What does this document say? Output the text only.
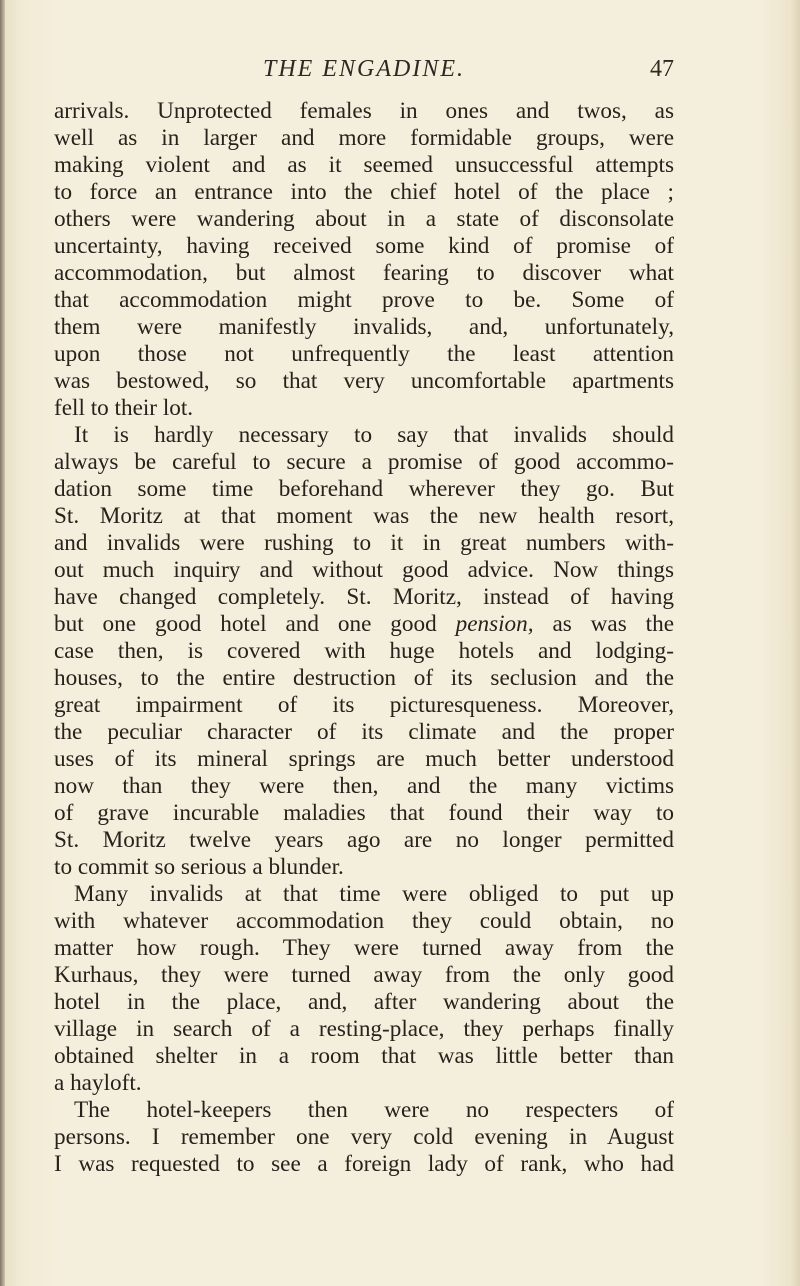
THE ENGADINE.	47
arrivals. Unprotected females in ones and twos, as
well as in larger and more formidable groups, were
making violent and as it seemed unsuccessful attempts
to force an entrance into the chief hotel of the place ;
others were wandering about in a state of disconsolate
uncertainty, having received some kind of promise of
accommodation, but almost fearing to discover what
that accommodation might prove to be. Some of
them were manifestly invalids, and, unfortunately,
upon those not unfrequently the least attention
was bestowed, so that very uncomfortable apartments
fell to their lot.
It is hardly necessary to say that invalids should
always be careful to secure a promise of good accommo-
dation some time beforehand wherever they go. But
St. Moritz at that moment was the new health resort,
and invalids were rushing to it in great numbers with-
out much inquiry and without good advice. Now things
have changed completely. St. Moritz, instead of having
but one good hotel and one good pension, as was the
case then, is covered with huge hotels and lodging-
houses, to the entire destruction of its seclusion and the
great impairment of its picturesqueness. Moreover,
the peculiar character of its climate and the proper
uses of its mineral springs are much better understood
now than they were then, and the many victims
of grave incurable maladies that found their way to
St. Moritz twelve years ago are no longer permitted
to commit so serious a blunder.
Many invalids at that time were obliged to put up
with whatever accommodation they could obtain, no
matter how rough. They were turned away from the
Kurhaus, they were turned away from the only good
hotel in the place, and, after wandering about the
village in search of a resting-place, they perhaps finally
obtained shelter in a room that was little better than
a hayloft.
The hotel-keepers then were no respecters of
persons. I remember one very cold evening in August
I was requested to see a foreign lady of rank, who had
